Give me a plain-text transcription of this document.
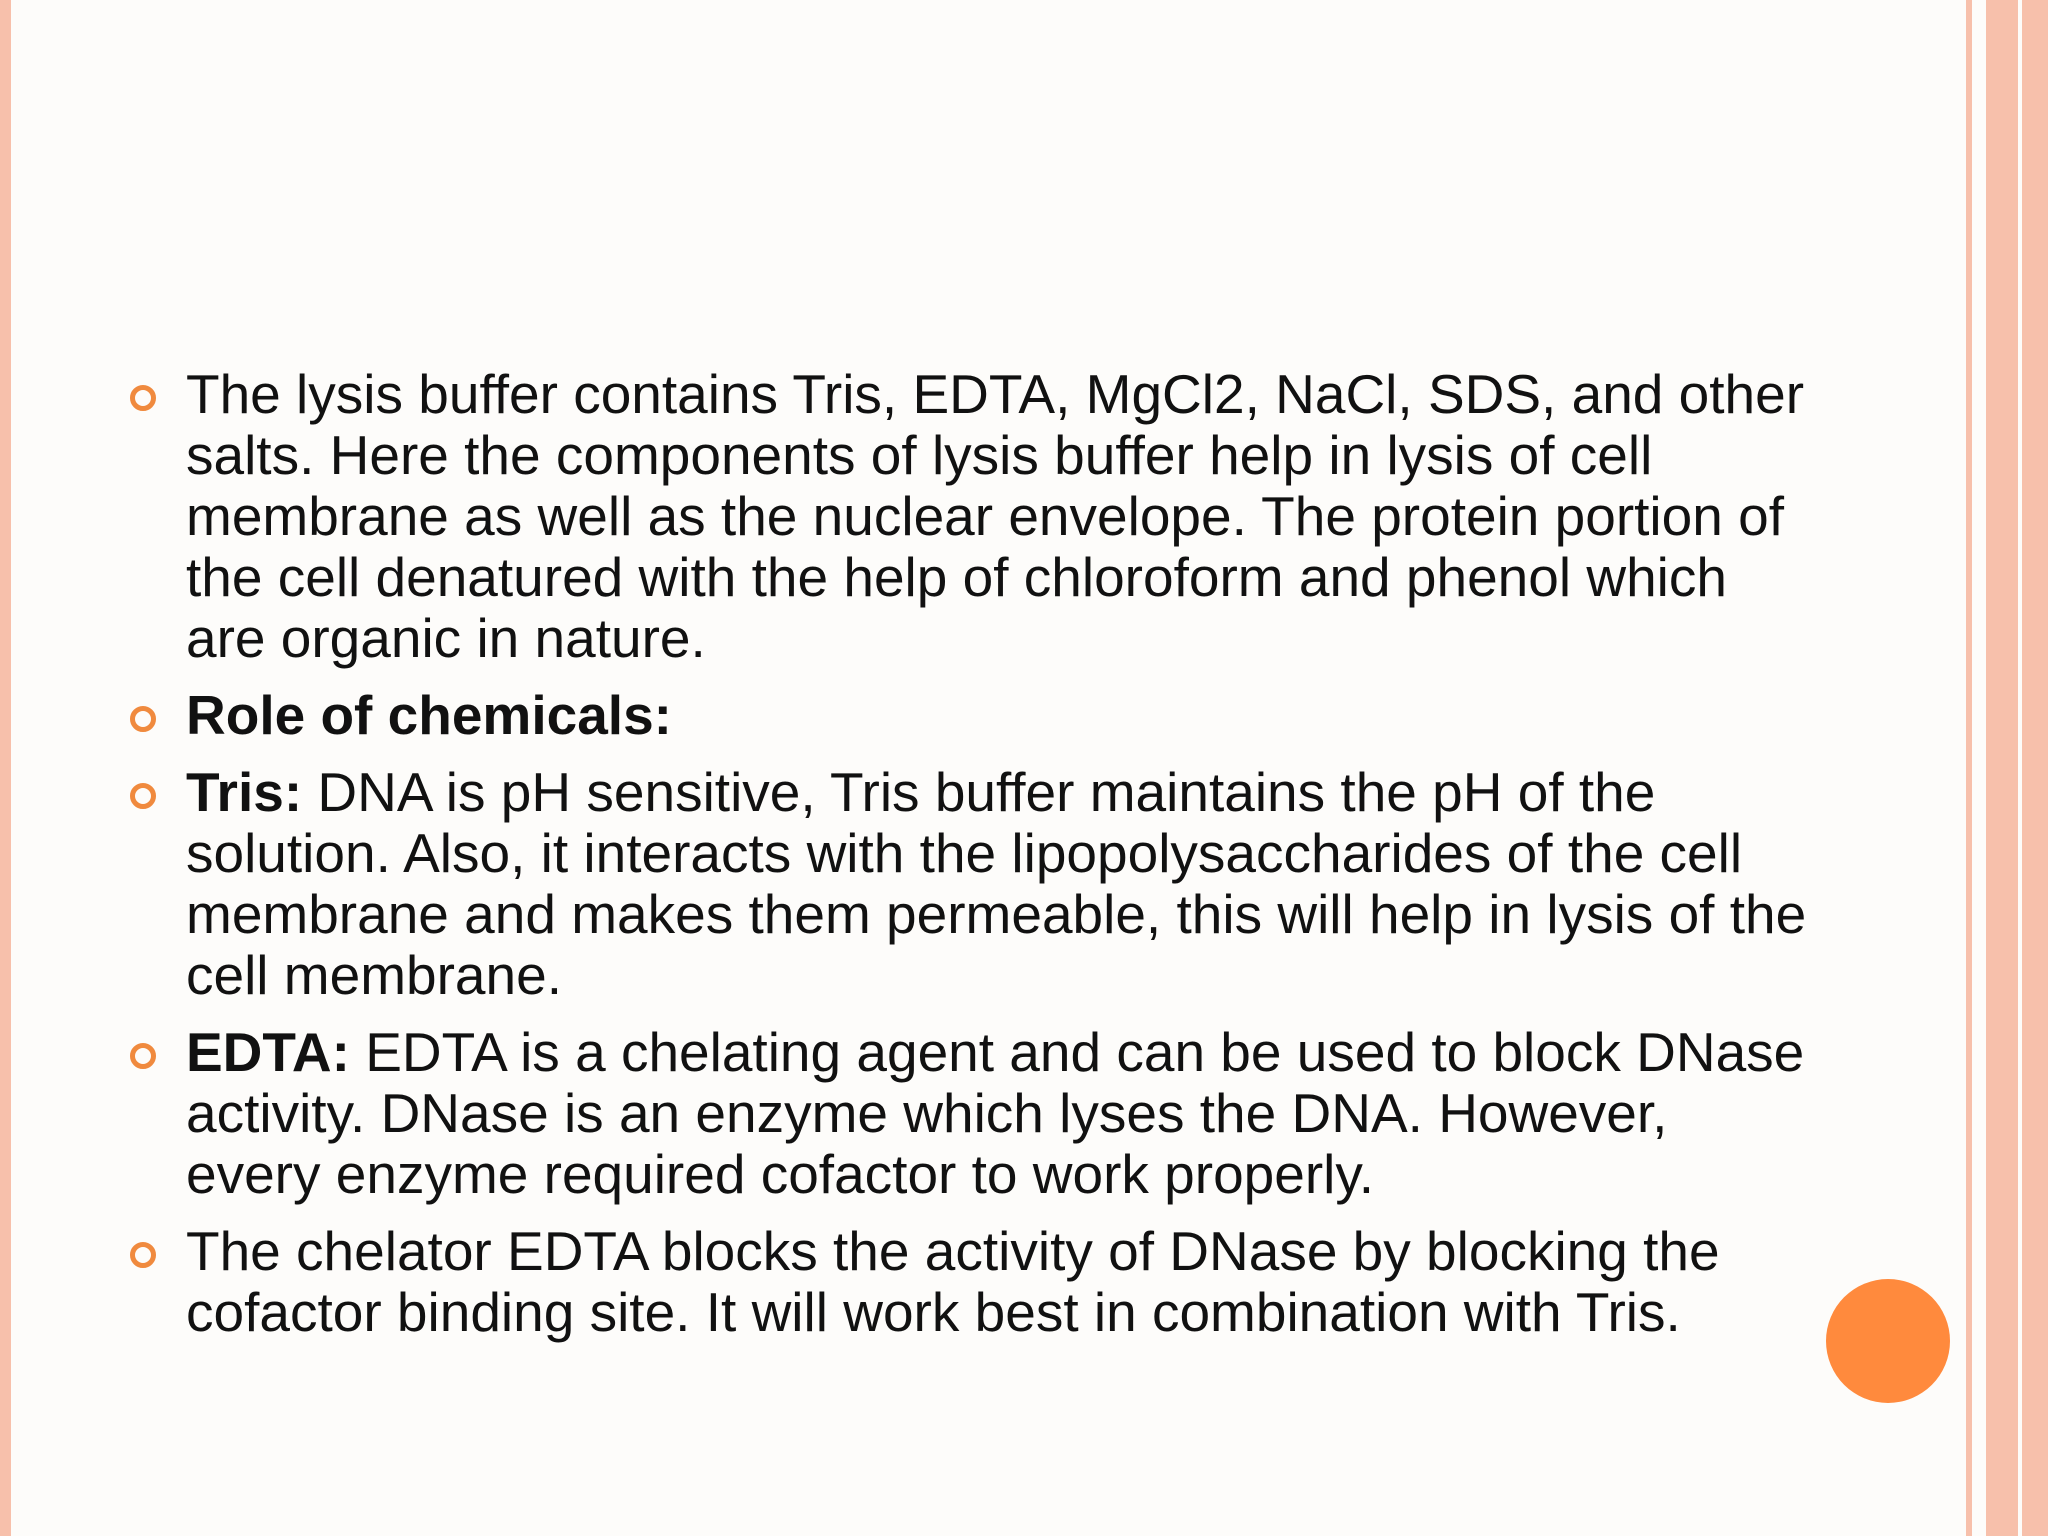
The lysis buffer contains Tris, EDTA, MgCl2, NaCl, SDS, and other salts. Here the components of lysis buffer help in lysis of cell membrane as well as the nuclear envelope. The protein portion of the cell denatured with the help of chloroform and phenol which are organic in nature.
Role of chemicals:
Tris: DNA is pH sensitive, Tris buffer maintains the pH of the solution. Also, it interacts with the lipopolysaccharides of the cell membrane and makes them permeable, this will help in lysis of the cell membrane.
EDTA: EDTA is a chelating agent and can be used to block DNase activity. DNase is an enzyme which lyses the DNA. However, every enzyme required cofactor to work properly.
The chelator EDTA blocks the activity of DNase by blocking the cofactor binding site. It will work best in combination with Tris.
